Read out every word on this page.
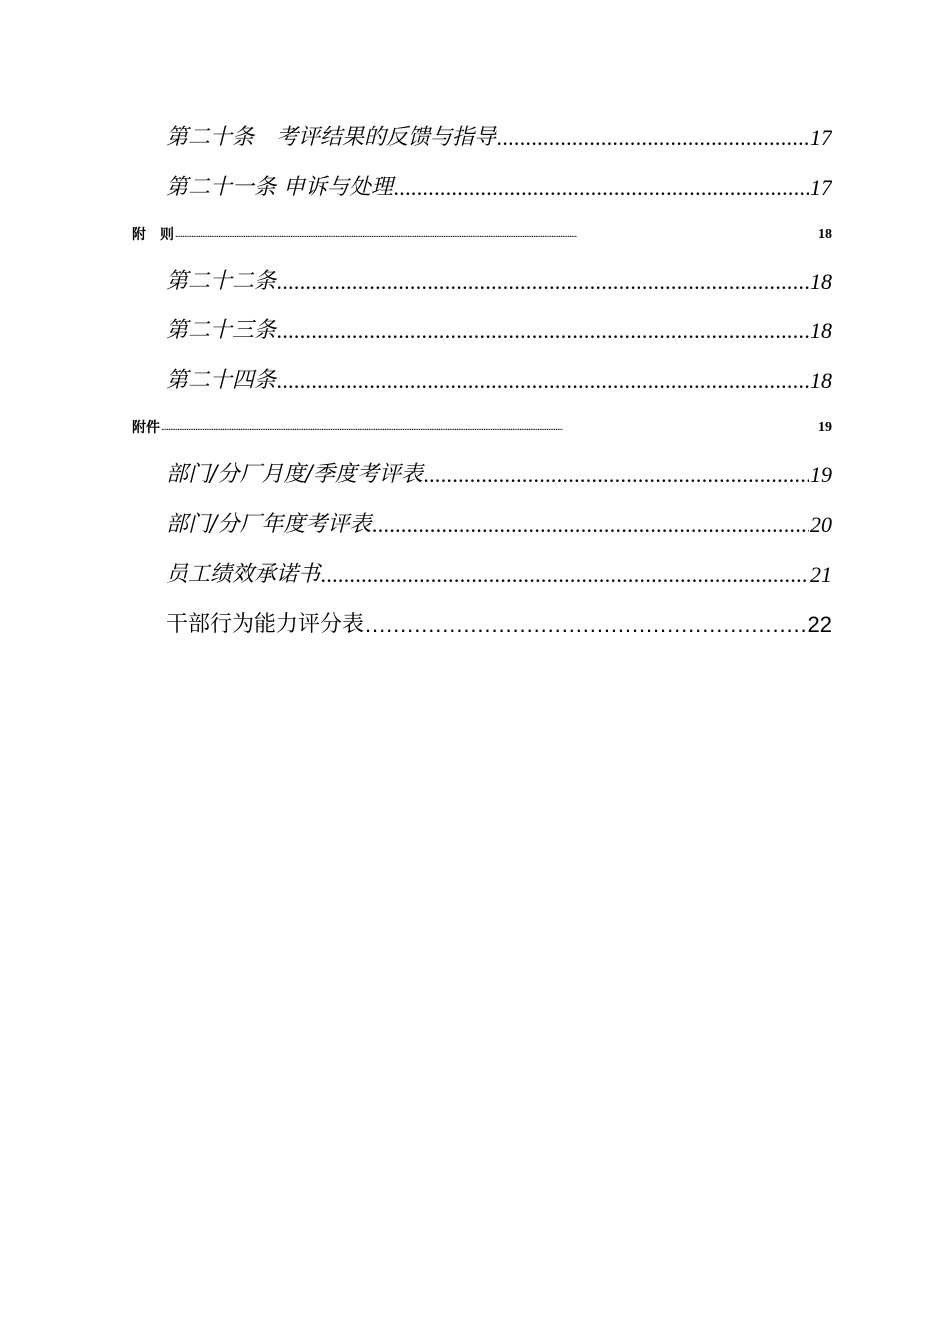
第二十条　考评结果的反馈与指导 . . .	17
第二十一条 申诉与处理 . . .	17
附　则 . . .	18
第二十二条 . . .	18
第二十三条 . . .	18
第二十四条 . . .	18
附件 . . .	19
部门/分厂月度/季度考评表 . . .	19
部门/分厂年度考评表 . . .	20
员工绩效承诺书 . . .	21
干部行为能力评分表 . . .	22
